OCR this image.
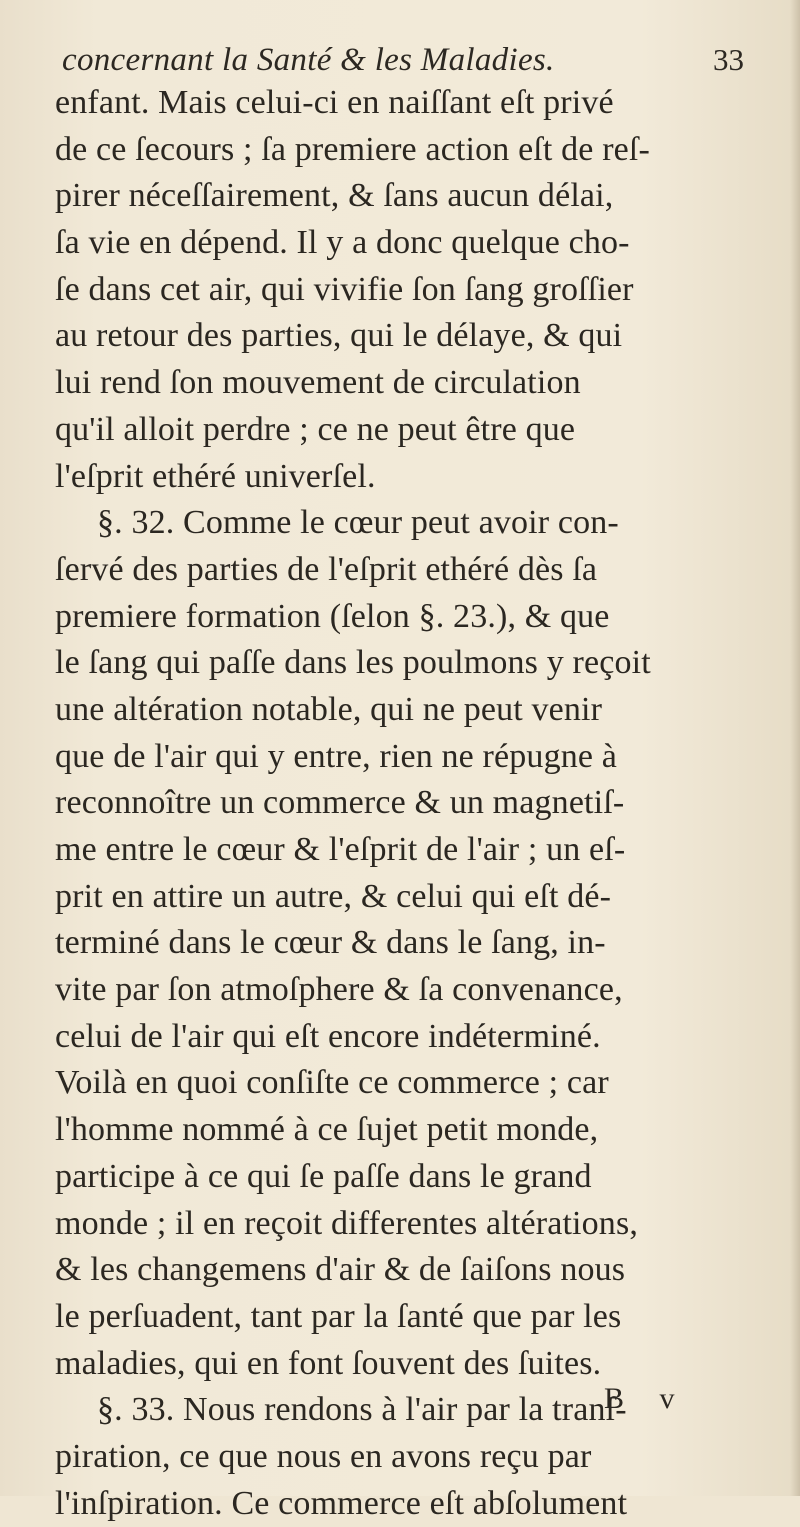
concernant la Santé & les Maladies.	33
enfant. Mais celui-ci en naiſſant eſt privé
de ce ſecours ; ſa premiere action eſt de reſ-
pirer néceſſairement, & ſans aucun délai,
ſa vie en dépend. Il y a donc quelque cho-
ſe dans cet air, qui vivifie ſon ſang groſſier
au retour des parties, qui le délaye, & qui
lui rend ſon mouvement de circulation
qu'il alloit perdre ; ce ne peut être que
l'eſprit ethéré univerſel.
§. 32. Comme le cœur peut avoir con-
ſervé des parties de l'eſprit ethéré dès ſa
premiere formation (ſelon §. 23.), & que
le ſang qui paſſe dans les poulmons y reçoit
une altération notable, qui ne peut venir
que de l'air qui y entre, rien ne répugne à
reconnoître un commerce & un magnetiſ-
me entre le cœur & l'eſprit de l'air ; un eſ-
prit en attire un autre, & celui qui eſt dé-
terminé dans le cœur & dans le ſang, in-
vite par ſon atmoſphere & ſa convenance,
celui de l'air qui eſt encore indéterminé.
Voilà en quoi conſiſte ce commerce ; car
l'homme nommé à ce ſujet petit monde,
participe à ce qui ſe paſſe dans le grand
monde ; il en reçoit differentes altérations,
& les changemens d'air & de ſaiſons nous
le perſuadent, tant par la ſanté que par les
maladies, qui en font ſouvent des ſuites.
§. 33. Nous rendons à l'air par la tranſ-
piration, ce que nous en avons reçu par
l'inſpiration. Ce commerce eſt abſolument
B v
